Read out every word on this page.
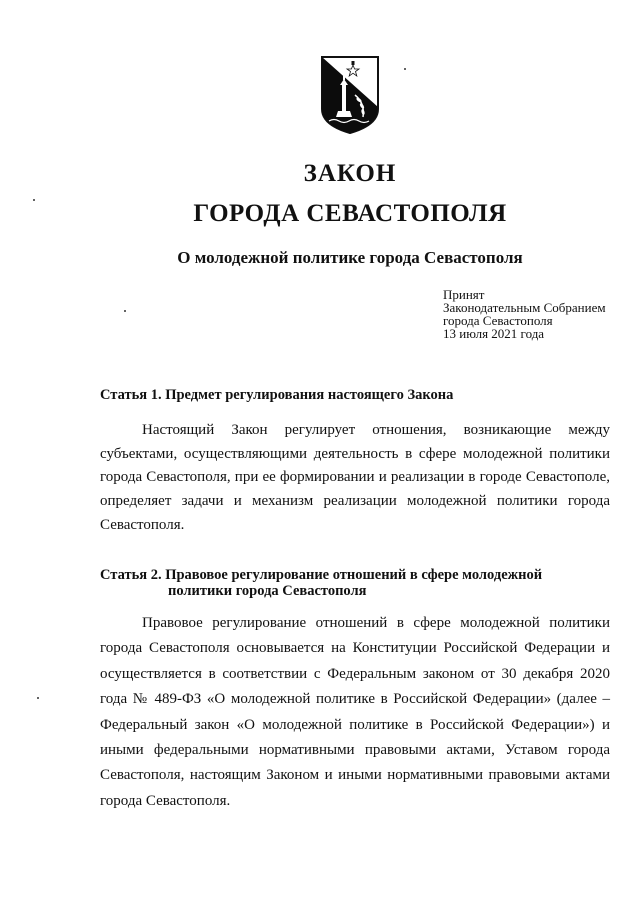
ЗАКОН
ГОРОДА СЕВАСТОПОЛЯ
О молодежной политике города Севастополя
Принят
Законодательным Собранием
города Севастополя
13 июля 2021 года
Статья 1. Предмет регулирования настоящего Закона
Настоящий Закон регулирует отношения, возникающие между субъектами, осуществляющими деятельность в сфере молодежной политики города Севастополя, при ее формировании и реализации в городе Севастополе, определяет задачи и механизм реализации молодежной политики города Севастополя.
Статья 2. Правовое регулирование отношений в сфере молодежной
политики города Севастополя
Правовое регулирование отношений в сфере молодежной политики города Севастополя основывается на Конституции Российской Федерации и осуществляется в соответствии с Федеральным законом от 30 декабря 2020 года № 489-ФЗ «О молодежной политике в Российской Федерации» (далее – Федеральный закон «О молодежной политике в Российской Федерации») и иными федеральными нормативными правовыми актами, Уставом города Севастополя, настоящим Законом и иными нормативными правовыми актами города Севастополя.
